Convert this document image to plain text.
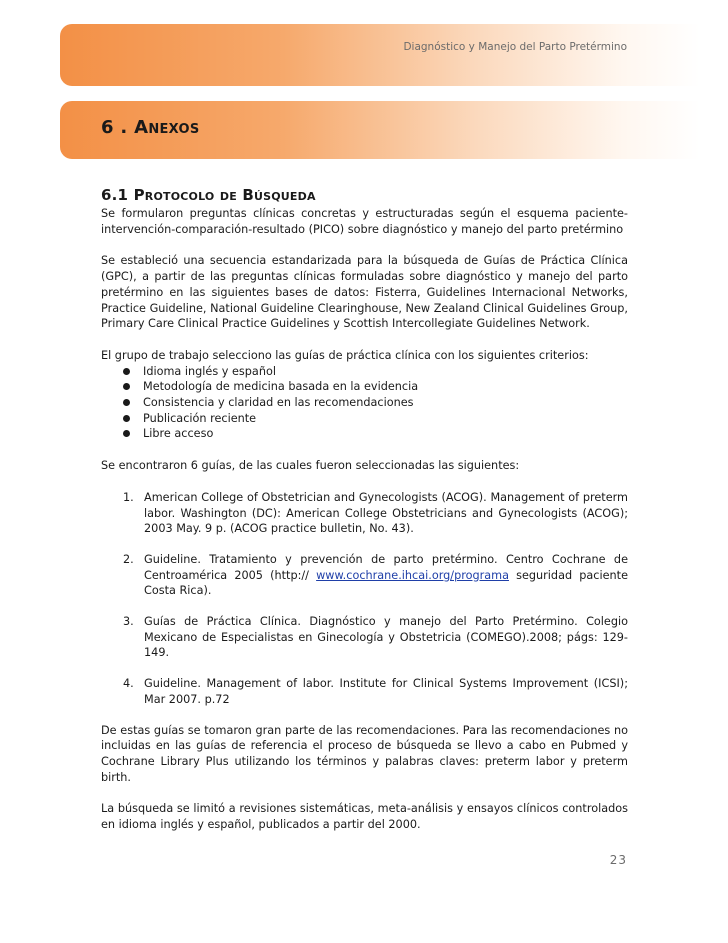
Diagnóstico y Manejo del Parto Pretérmino
6 . Anexos
6.1 Protocolo de Búsqueda

Se formularon preguntas clínicas concretas y estructuradas según el esquema paciente-intervención-comparación-resultado (PICO) sobre diagnóstico y manejo del parto pretérmino

Se estableció una secuencia estandarizada para la búsqueda de Guías de Práctica Clínica (GPC), a partir de las preguntas clínicas formuladas sobre diagnóstico y manejo del parto pretérmino en las siguientes bases de datos: Fisterra, Guidelines Internacional Networks, Practice Guideline, National Guideline Clearinghouse, New Zealand Clinical Guidelines Group, Primary Care Clinical Practice Guidelines y Scottish Intercollegiate Guidelines Network.

El grupo de trabajo selecciono las guías de práctica clínica con los siguientes criterios:

Idioma inglés y español
Metodología de medicina basada en la evidencia
Consistencia y claridad en las recomendaciones
Publicación reciente
Libre acceso

Se encontraron 6 guías, de las cuales fueron seleccionadas las siguientes:

1. American College of Obstetrician and Gynecologists (ACOG). Management of preterm labor. Washington (DC): American College Obstetricians and Gynecologists (ACOG); 2003 May. 9 p. (ACOG practice bulletin, No. 43).
2. Guideline. Tratamiento y prevención de parto pretérmino. Centro Cochrane de Centroamérica 2005 (http:// www.cochrane.ihcai.org/programa seguridad paciente Costa Rica).
3. Guías de Práctica Clínica. Diagnóstico y manejo del Parto Pretérmino. Colegio Mexicano de Especialistas en Ginecología y Obstetricia (COMEGO).2008; págs: 129-149.
4. Guideline. Management of labor. Institute for Clinical Systems Improvement (ICSI); Mar 2007. p.72

De estas guías se tomaron gran parte de las recomendaciones. Para las recomendaciones no incluidas en las guías de referencia el proceso de búsqueda se llevo a cabo en Pubmed y Cochrane Library Plus utilizando los términos y palabras claves: preterm labor y preterm birth.

La búsqueda se limitó a revisiones sistemáticas, meta-análisis y ensayos clínicos controlados en idioma inglés y español, publicados a partir del 2000.

23
